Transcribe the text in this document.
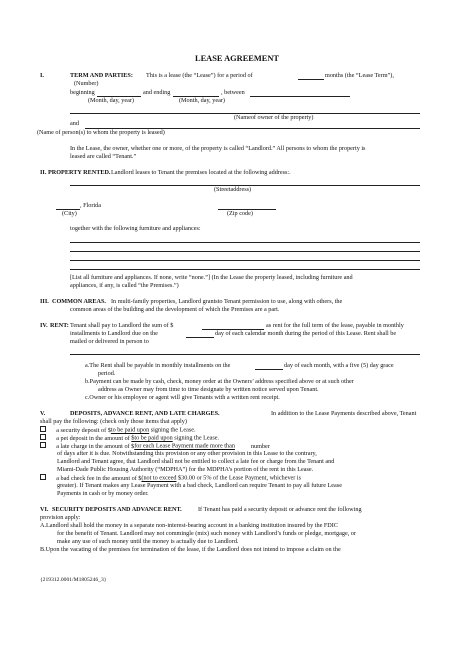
LEASE AGREEMENT
I.	TERM AND PARTIES: This is a lease (the “Lease”) for a period of	months (the “Lease Term”),
(Number)
beginning	and ending	, between
(Month, day, year)	(Month, day, year)
(Nameof owner of the property)
and
(Name of person(s) to whom the property is leased)
In the Lease, the owner, whether one or more, of the property is called “Landlord.” All persons to whom the property is
leased are called “Tenant.”
II. PROPERTY RENTED. Landlord leases to Tenant the premises located at the following address:.
(Streetaddress)
, Florida
(City)	(Zip code)
together with the following furniture and appliances:
[List all furniture and appliances. If none, write “none.”] (In the Lease the property leased, including furniture and
appliances, if any, is called “the Premises.”)
III. COMMON AREAS. In multi-family properties, Landlord grantsto Tenant permission to use, along with others, the
common areas of the building and the development of which the Premises are a part.
IV. RENT: Tenant shall pay to Landlord the sum of $	as rent for the full term of the lease, payable in monthly
installments to Landlord due on the	day of each calendar month during the period of this Lease. Rent shall be
mailed or delivered in person to
a.The Rent shall be payable in monthly installments on the	day of each month, with a five (5) day grace
period.
b.Payment can be made by cash, check, money order at the Owners’ address specified above or at such other
address as Owner may from time to time designate by written notice served upon Tenant.
c.Owner or his employee or agent will give Tenants with a written rent receipt.
V.	DEPOSITS, ADVANCE RENT, AND LATE CHARGES.	In addition to the Lease Payments described above, Tenant
shall pay the following: (check only those items that apply)
a security deposit of $to be paid upon signing the Lease.
a pet deposit in the amount of $to be paid upon signing the Lease.
a late charge in the amount of $for each Lease Payment made more than	number
of days after it is due. Notwithstanding this provision or any other provision in this Lease to the contrary,
Landlord and Tenant agree, that Landlord shall not be entitled to collect a late fee or charge from the Tenant and
Miami-Dade Public Housing Authority (“MDPHA”) for the MDPHA’s portion of the rent in this Lease.
a bad check fee in the amount of $(not to exceed $30.00 or 5% of the Lease Payment, whichever is
greater). If Tenant makes any Lease Payment with a bad check, Landlord can require Tenant to pay all future Lease
Payments in cash or by money order.
VI. SECURITY DEPOSITS AND ADVANCE RENT.	If Tenant has paid a security deposit or advance rent the following
provision apply:
A.Landlord shall hold the money in a separate non-interest-bearing account in a banking institution insured by the FDIC
for the benefit of Tenant. Landlord may not commingle (mix) such money with Landlord’s funds or pledge, mortgage, or
make any use of such money until the money is actually due to Landlord.
B.Upon the vacating of the premises for termination of the lease, if the Landlord does not intend to impose a claim on the
{219312.0001/M1805246_3}
